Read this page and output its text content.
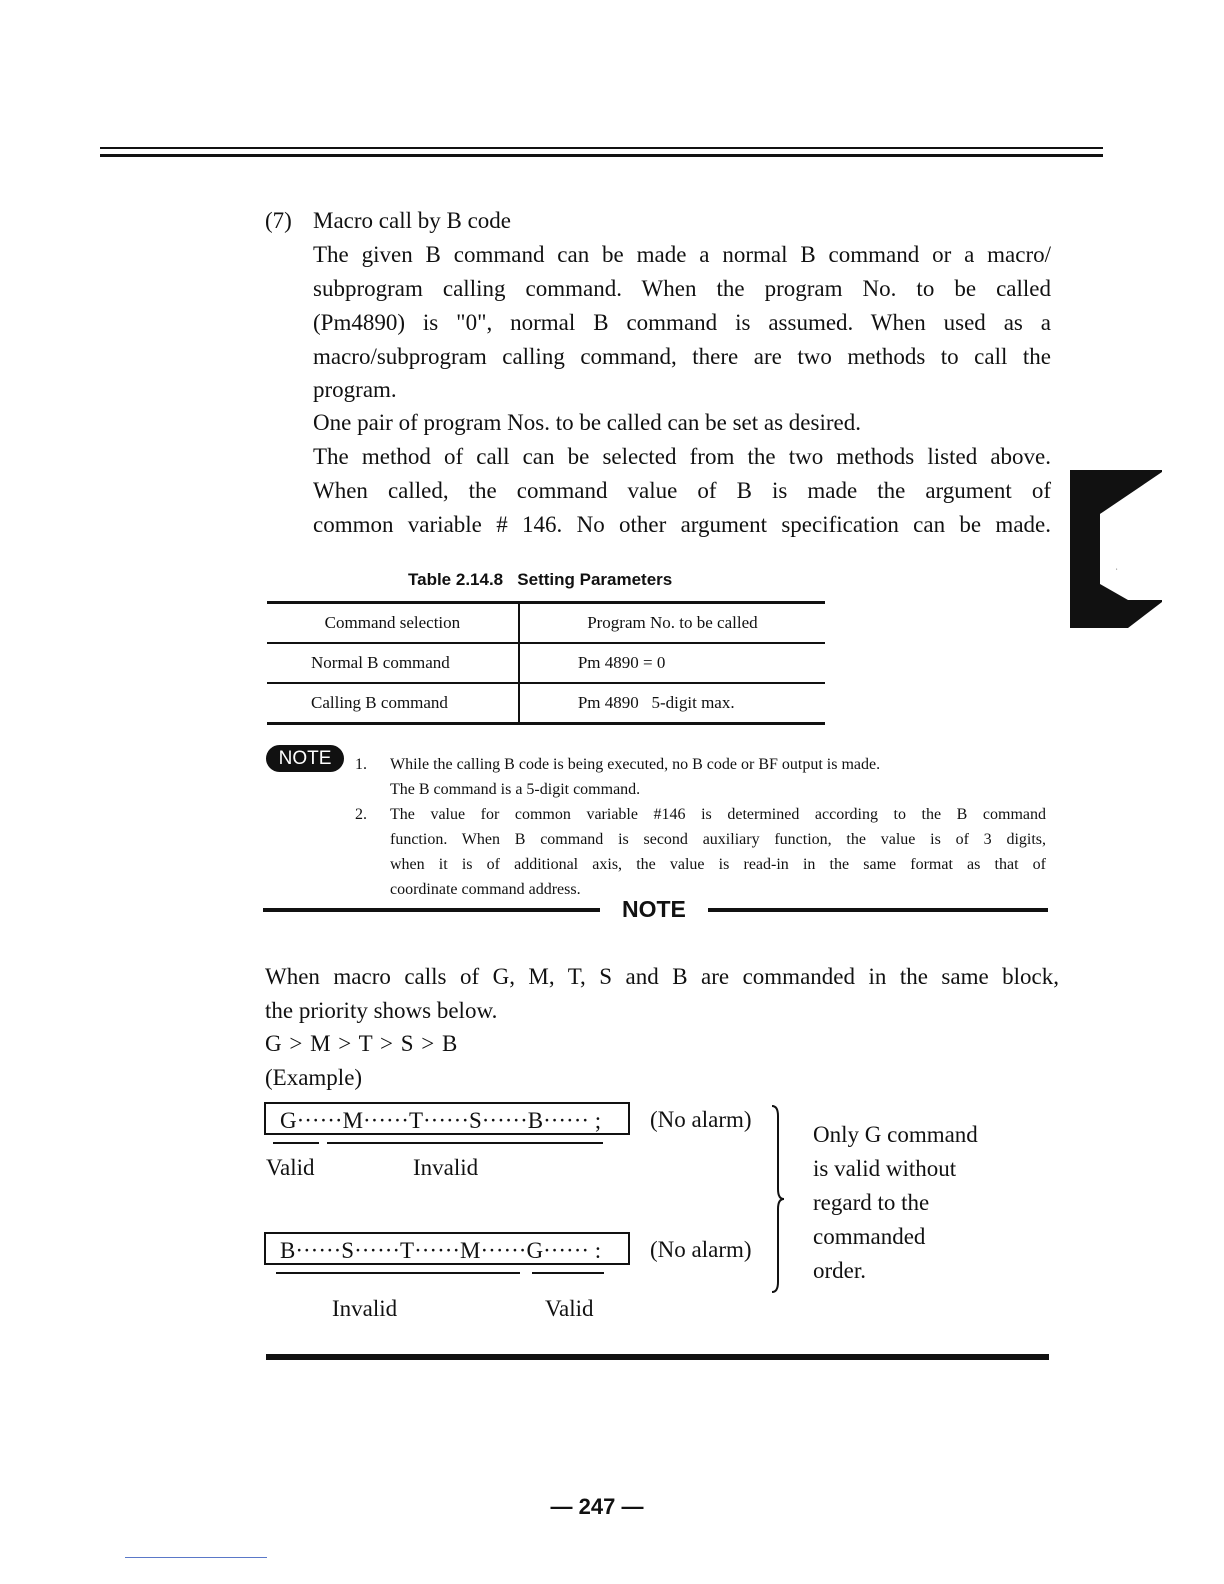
(7) Macro call by B code
The given B command can be made a normal B command or a macro/
subprogram calling command. When the program No. to be called
(Pm4890) is "0", normal B command is assumed. When used as a
macro/subprogram calling command, there are two methods to call the
program.
One pair of program Nos. to be called can be set as desired.
The method of call can be selected from the two methods listed above.
When called, the command value of B is made the argument of
common variable # 146. No other argument specification can be made.
Table 2.14.8   Setting Parameters
Command selection	Program No. to be called
Normal B command	Pm 4890 = 0
Calling B command	Pm 4890   5-digit max.
NOTE	1. While the calling B code is being executed, no B code or BF output is made.
The B command is a 5-digit command.
2. The value for common variable #146 is determined according to the B command
function. When B command is second auxiliary function, the value is of 3 digits,
when it is of additional axis, the value is read-in in the same format as that of
coordinate command address.
NOTE
When macro calls of G, M, T, S and B are commanded in the same block,
the priority shows below.
G > M > T > S > B
(Example)
G······M······T······S······B······ ;	(No alarm)
Valid	Invalid
B······S······T······M······G······ :	(No alarm)
Invalid	Valid
Only G command
is valid without
regard to the
commanded
order.
— 247 —
E
